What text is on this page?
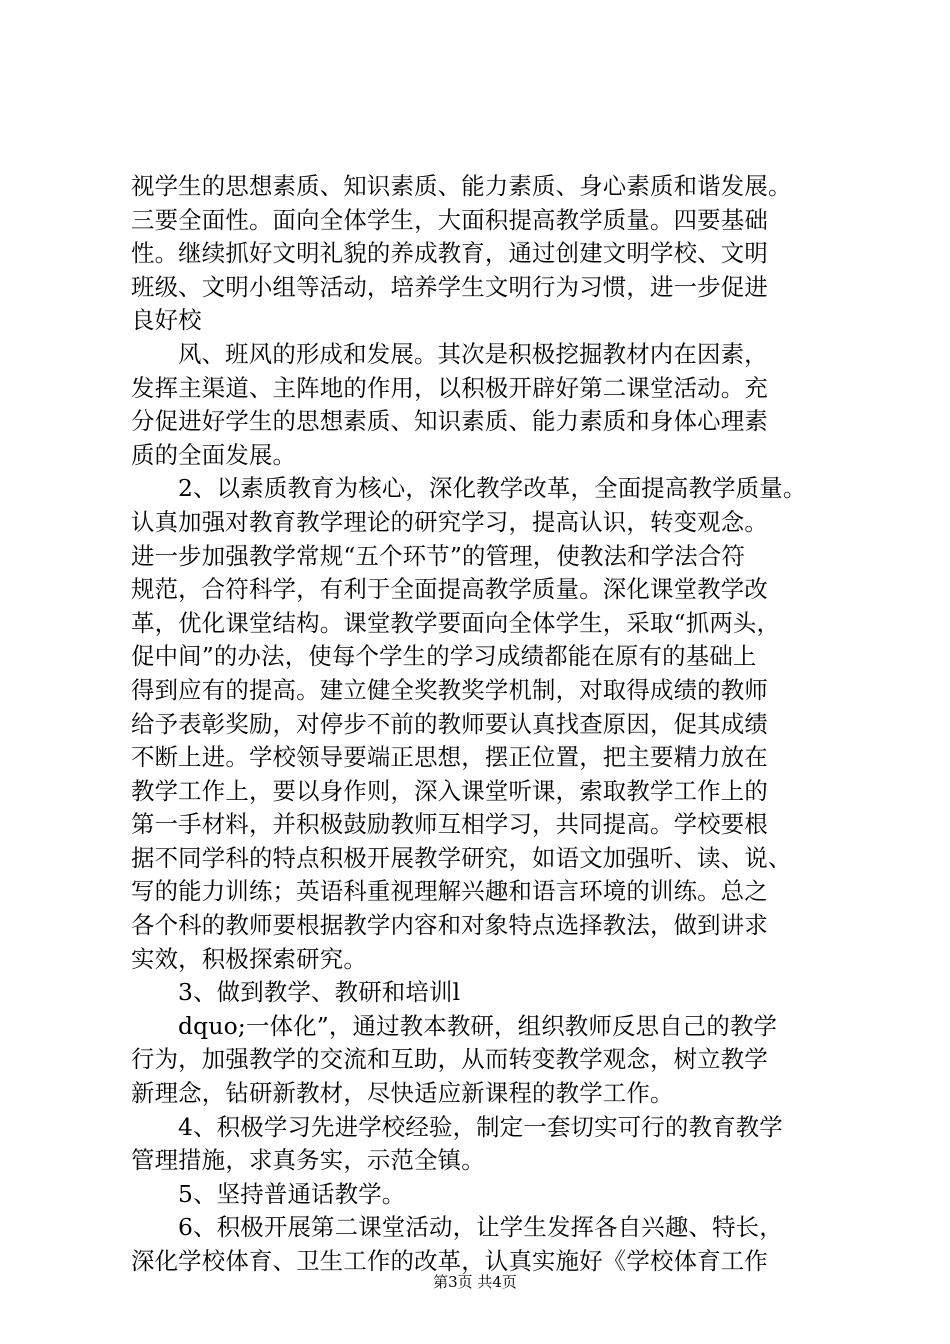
视学生的思想素质、知识素质、能力素质、身心素质和谐发展。
三要全面性。面向全体学生，大面积提高教学质量。四要基础
性。继续抓好文明礼貌的养成教育，通过创建文明学校、文明
班级、文明小组等活动，培养学生文明行为习惯，进一步促进
良好校
风、班风的形成和发展。其次是积极挖掘教材内在因素，
发挥主渠道、主阵地的作用，以积极开辟好第二课堂活动。充
分促进好学生的思想素质、知识素质、能力素质和身体心理素
质的全面发展。
2、以素质教育为核心，深化教学改革，全面提高教学质量。
认真加强对教育教学理论的研究学习，提高认识，转变观念。
进一步加强教学常规“五个环节”的管理，使教法和学法合符
规范，合符科学，有利于全面提高教学质量。深化课堂教学改
革，优化课堂结构。课堂教学要面向全体学生，采取“抓两头，
促中间”的办法，使每个学生的学习成绩都能在原有的基础上
得到应有的提高。建立健全奖教奖学机制，对取得成绩的教师
给予表彰奖励，对停步不前的教师要认真找查原因，促其成绩
不断上进。学校领导要端正思想，摆正位置，把主要精力放在
教学工作上，要以身作则，深入课堂听课，索取教学工作上的
第一手材料，并积极鼓励教师互相学习，共同提高。学校要根
据不同学科的特点积极开展教学研究，如语文加强听、读、说、
写的能力训练；英语科重视理解兴趣和语言环境的训练。总之
各个科的教师要根据教学内容和对象特点选择教法，做到讲求
实效，积极探索研究。
3、做到教学、教研和培训l
dquo;一体化”，通过教本教研，组织教师反思自己的教学
行为，加强教学的交流和互助，从而转变教学观念，树立教学
新理念，钻研新教材，尽快适应新课程的教学工作。
4、积极学习先进学校经验，制定一套切实可行的教育教学
管理措施，求真务实，示范全镇。
5、坚持普通话教学。
6、积极开展第二课堂活动，让学生发挥各自兴趣、特长，
深化学校体育、卫生工作的改革，认真实施好《学校体育工作
第3页 共4页
